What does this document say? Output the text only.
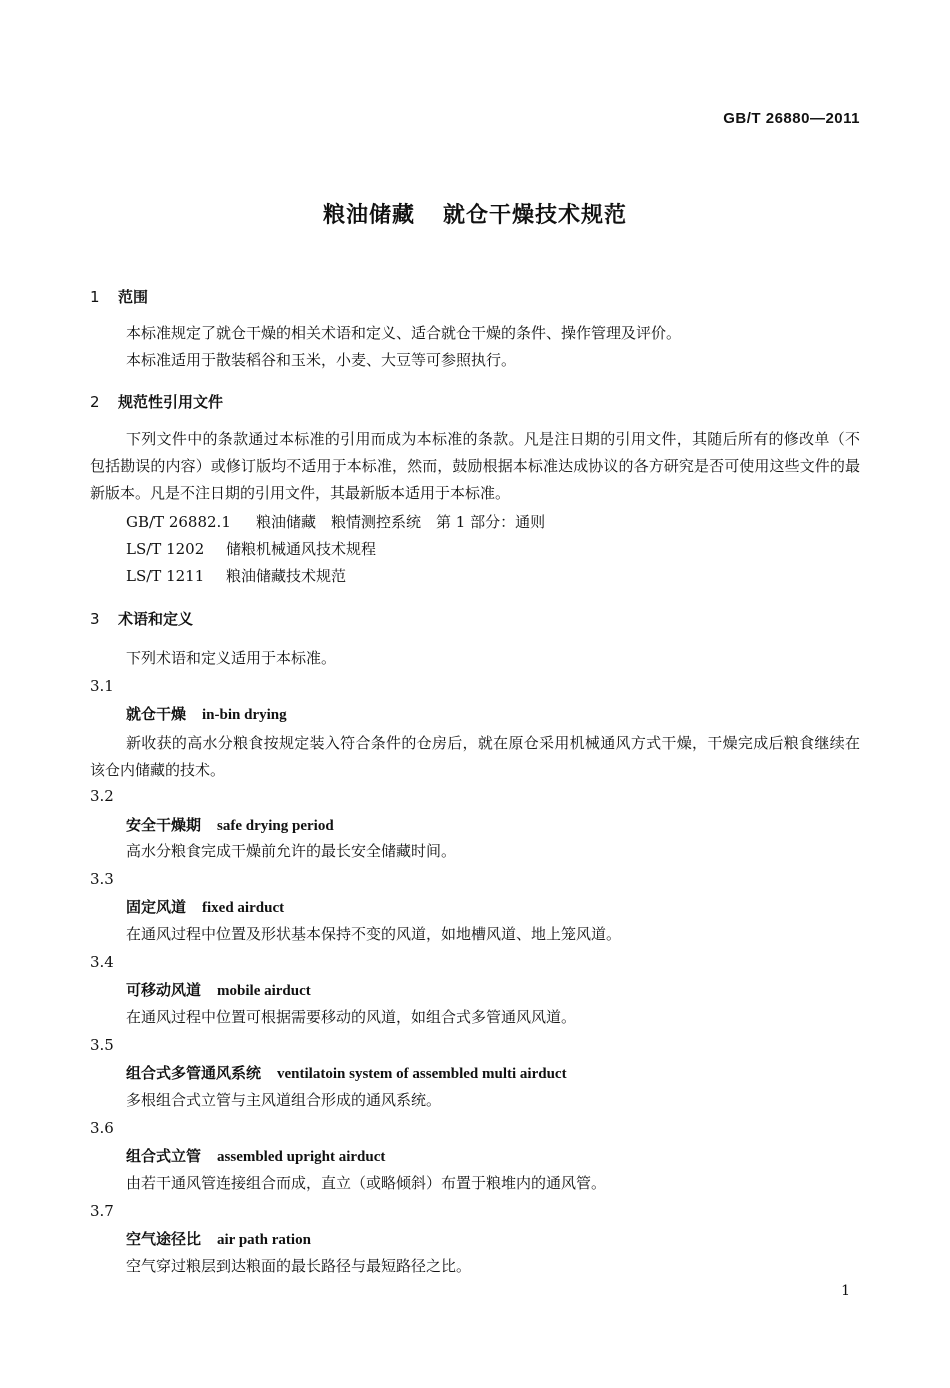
GB/T 26880—2011
粮油储藏 就仓干燥技术规范
1 范围
本标准规定了就仓干燥的相关术语和定义、适合就仓干燥的条件、操作管理及评价。
本标准适用于散装稻谷和玉米，小麦、大豆等可参照执行。
2 规范性引用文件
下列文件中的条款通过本标准的引用而成为本标准的条款。凡是注日期的引用文件，其随后所有的修改单（不包括勘误的内容）或修订版均不适用于本标准，然而，鼓励根据本标准达成协议的各方研究是否可使用这些文件的最新版本。凡是不注日期的引用文件，其最新版本适用于本标准。
GB/T 26882.1 粮油储藏　粮情测控系统　第 1 部分：通则
LS/T 1202 储粮机械通风技术规程
LS/T 1211 粮油储藏技术规范
3 术语和定义
下列术语和定义适用于本标准。
3.1
就仓干燥 in-bin drying
新收获的高水分粮食按规定装入符合条件的仓房后，就在原仓采用机械通风方式干燥，干燥完成后粮食继续在该仓内储藏的技术。
3.2
安全干燥期 safe drying period
高水分粮食完成干燥前允许的最长安全储藏时间。
3.3
固定风道 fixed airduct
在通风过程中位置及形状基本保持不变的风道，如地槽风道、地上笼风道。
3.4
可移动风道 mobile airduct
在通风过程中位置可根据需要移动的风道，如组合式多管通风风道。
3.5
组合式多管通风系统 ventilatoin system of assembled multi airduct
多根组合式立管与主风道组合形成的通风系统。
3.6
组合式立管 assembled upright airduct
由若干通风管连接组合而成，直立（或略倾斜）布置于粮堆内的通风管。
3.7
空气途径比 air path ration
空气穿过粮层到达粮面的最长路径与最短路径之比。
1
